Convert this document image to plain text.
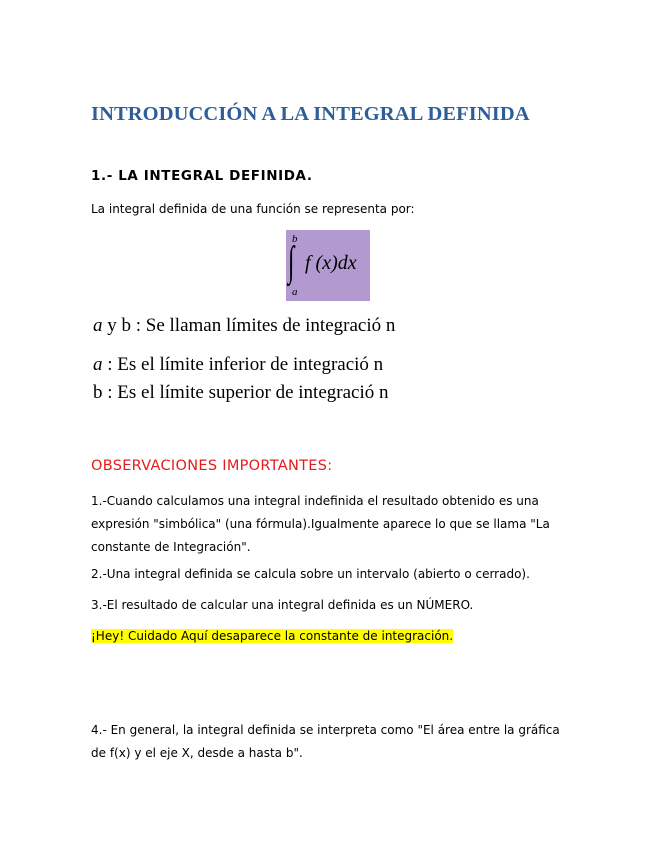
INTRODUCCIÓN A LA INTEGRAL DEFINIDA
1.- LA INTEGRAL DEFINIDA.
La integral definida de una función se representa por:
b
∫ f (x)dx
a
a y b : Se llaman límites de integració n
a : Es el límite inferior de integració n
b : Es el límite superior de integració n
OBSERVACIONES IMPORTANTES:
1.-Cuando calculamos una integral indefinida el resultado obtenido es una expresión "simbólica" (una fórmula).Igualmente aparece lo que se llama "La constante de Integración".
2.-Una integral definida se calcula sobre un intervalo (abierto o cerrado).
3.-El resultado de calcular una integral definida es un NÚMERO.
¡Hey! Cuidado Aquí desaparece la constante de integración.
4.- En general, la integral definida se interpreta como "El área entre la gráfica de f(x) y el eje X, desde a hasta b".
